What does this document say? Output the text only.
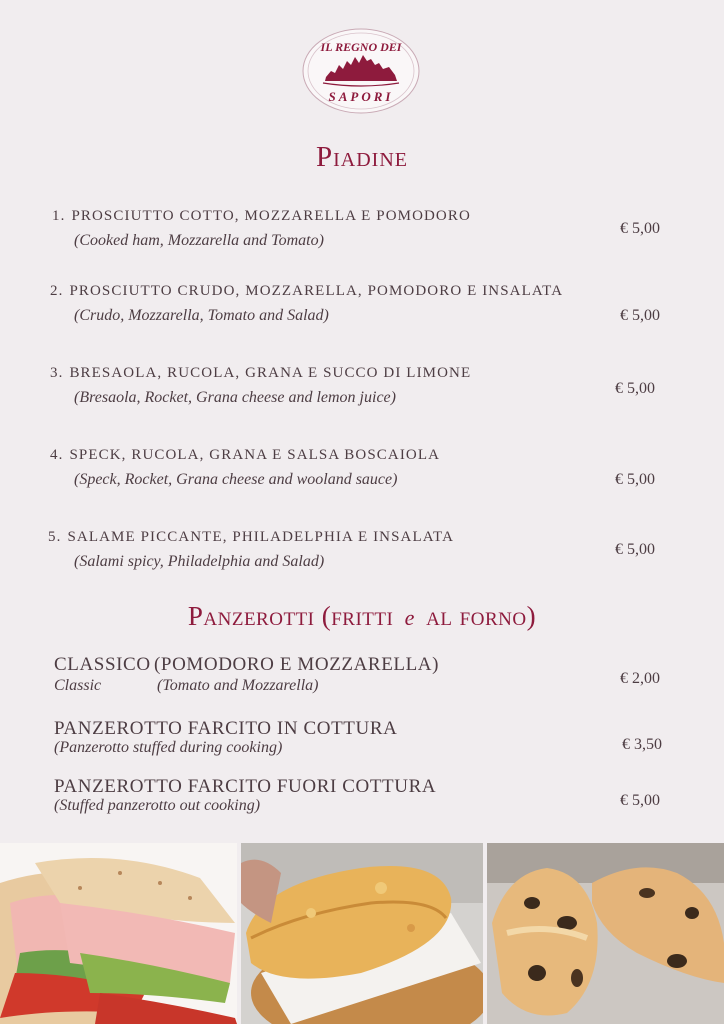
IL REGNO DEI
SAPORI
Piadine
1. PROSCIUTTO COTTO, MOZZARELLA E POMODORO
(Cooked ham, Mozzarella and Tomato)
€ 5,00
2. PROSCIUTTO CRUDO, MOZZARELLA, POMODORO E INSALATA
(Crudo, Mozzarella, Tomato and Salad)	€ 5,00
3. BRESAOLA, RUCOLA, GRANA E SUCCO DI LIMONE
(Bresaola, Rocket, Grana cheese and lemon juice)
€ 5,00
4. SPECK, RUCOLA, GRANA E SALSA BOSCAIOLA
(Speck, Rocket, Grana cheese and wooland sauce)	€ 5,00
5. SALAME PICCANTE, PHILADELPHIA E INSALATA
(Salami spicy, Philadelphia and Salad)
€ 5,00
Panzerotti (fritti e al forno)
CLASSICO (POMODORO E MOZZARELLA)
Classic	(Tomato and Mozzarella)	€ 2,00
PANZEROTTO FARCITO IN COTTURA
(Panzerotto stuffed during cooking)	€ 3,50
PANZEROTTO FARCITO FUORI COTTURA
(Stuffed panzerotto out cooking)	€ 5,00
